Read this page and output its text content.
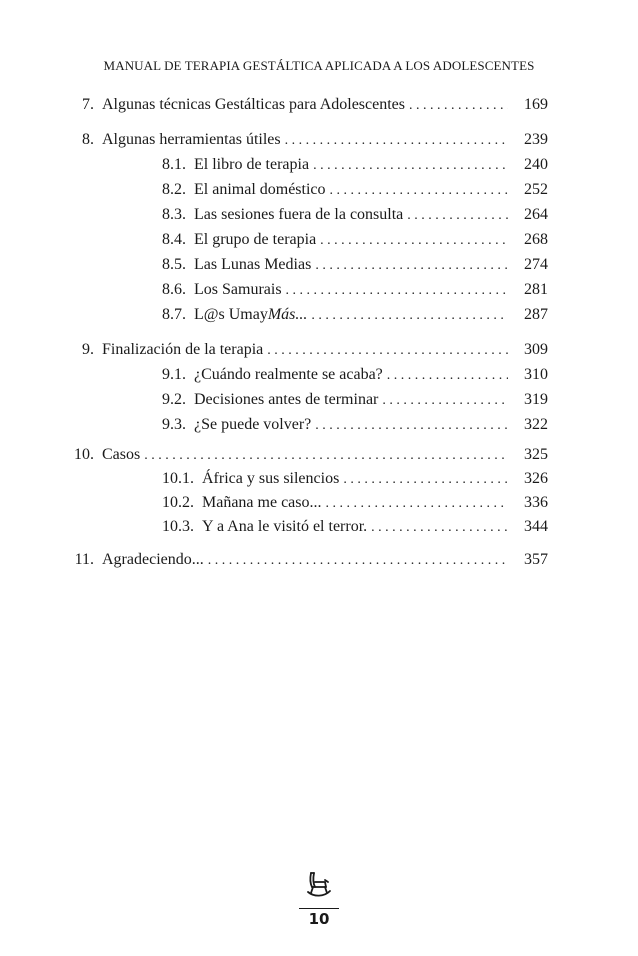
MANUAL DE TERAPIA GESTÁLTICA APLICADA A LOS ADOLESCENTES
7. Algunas técnicas Gestálticas para Adolescentes . . .	169
8. Algunas herramientas útiles . . .	239
8.1. El libro de terapia . . .	240
8.2. El animal doméstico . . .	252
8.3. Las sesiones fuera de la consulta . . .	264
8.4. El grupo de terapia . . .	268
8.5. Las Lunas Medias . . .	274
8.6. Los Samurais . . .	281
8.7. L@s UmayMás... . . .	287
9. Finalización de la terapia . . .	309
9.1. ¿Cuándo realmente se acaba? . . .	310
9.2. Decisiones antes de terminar . . .	319
9.3. ¿Se puede volver? . . .	322
10. Casos . . .	325
10.1. África y sus silencios . . .	326
10.2. Mañana me caso... . . .	336
10.3. Y a Ana le visitó el terror. . . .	344
11. Agradeciendo... . . .	357
10
